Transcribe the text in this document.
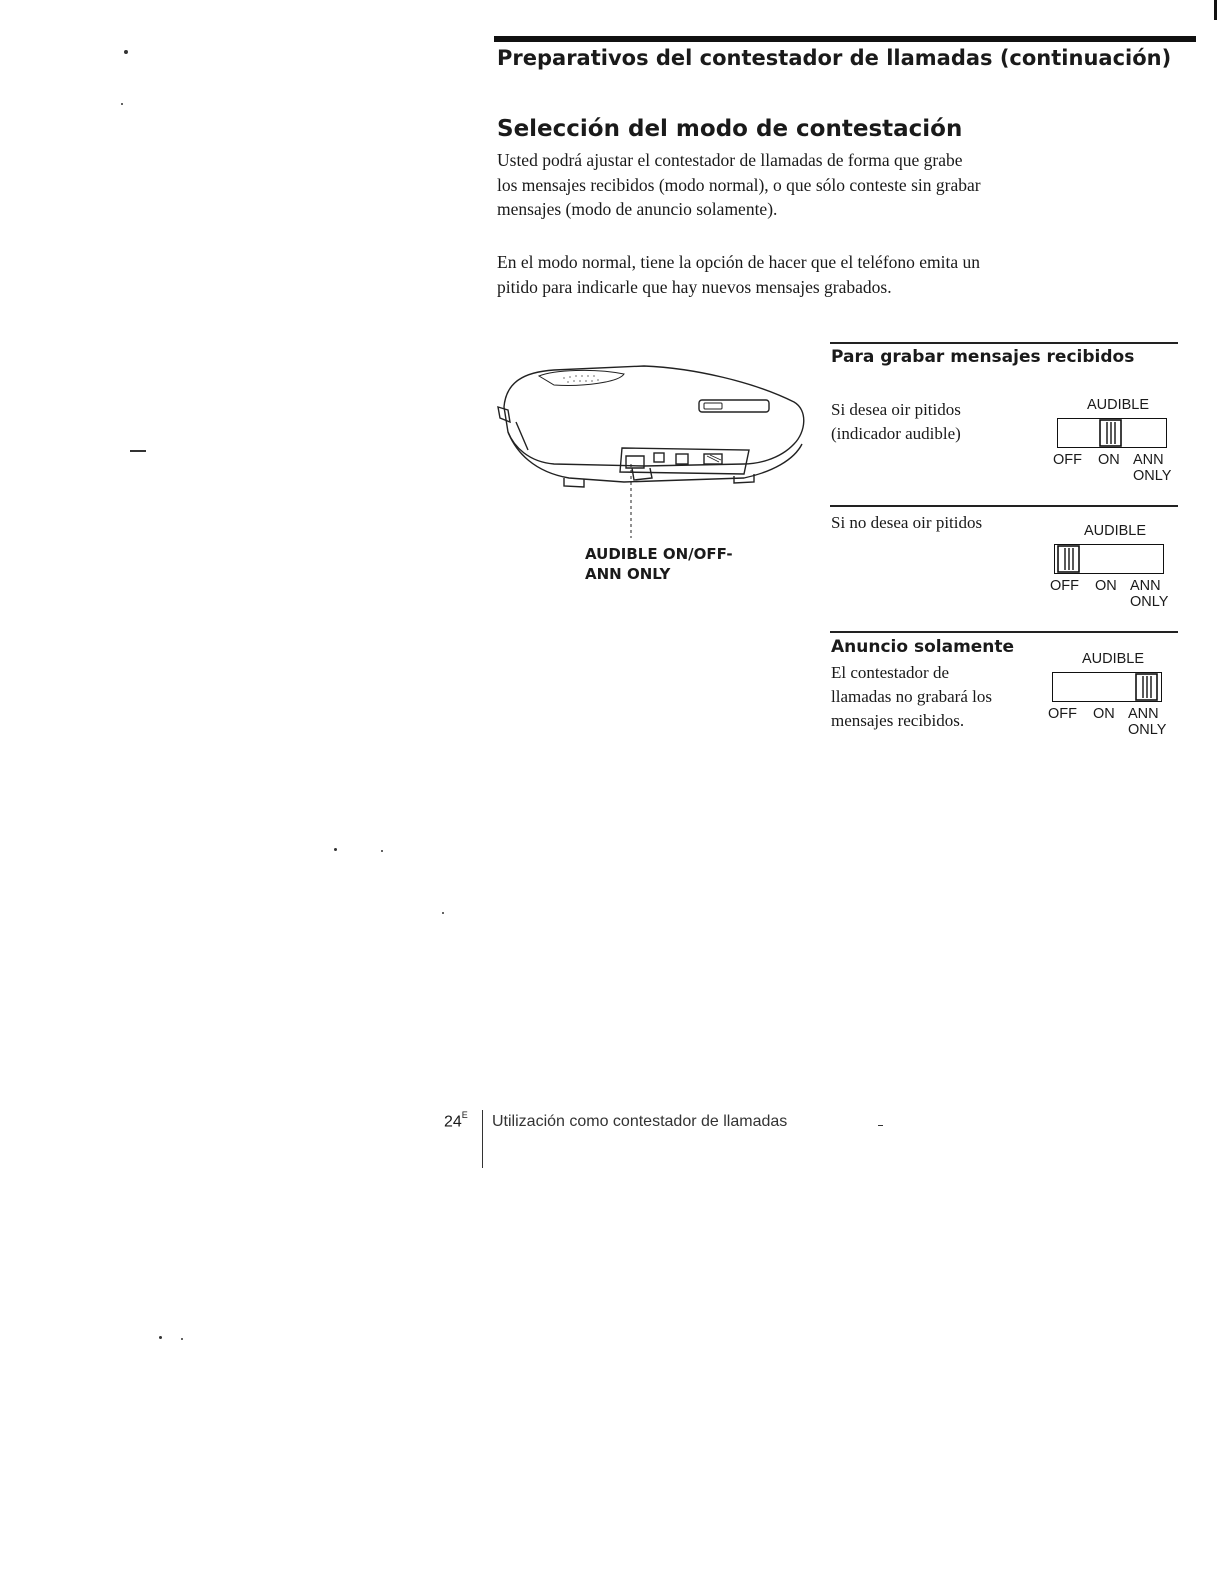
Preparativos del contestador de llamadas (continuación)
Selección del modo de contestación
Usted podrá ajustar el contestador de llamadas de forma que grabe
los mensajes recibidos (modo normal), o que sólo conteste sin grabar
mensajes (modo de anuncio solamente).
En el modo normal, tiene la opción de hacer que el teléfono emita un
pitido para indicarle que hay nuevos mensajes grabados.
AUDIBLE ON/OFF-
ANN ONLY
Para grabar mensajes recibidos
Si desea oir pitidos
(indicador audible)
AUDIBLE
OFF ON ANN
ONLY
Si no desea oir pitidos	AUDIBLE
OFF ON ANN
ONLY
Anuncio solamente
El contestador de
llamadas no grabará los
mensajes recibidos.
AUDIBLE
OFF ON ANN
ONLY
$24^E$ Utilización como contestador de llamadas
